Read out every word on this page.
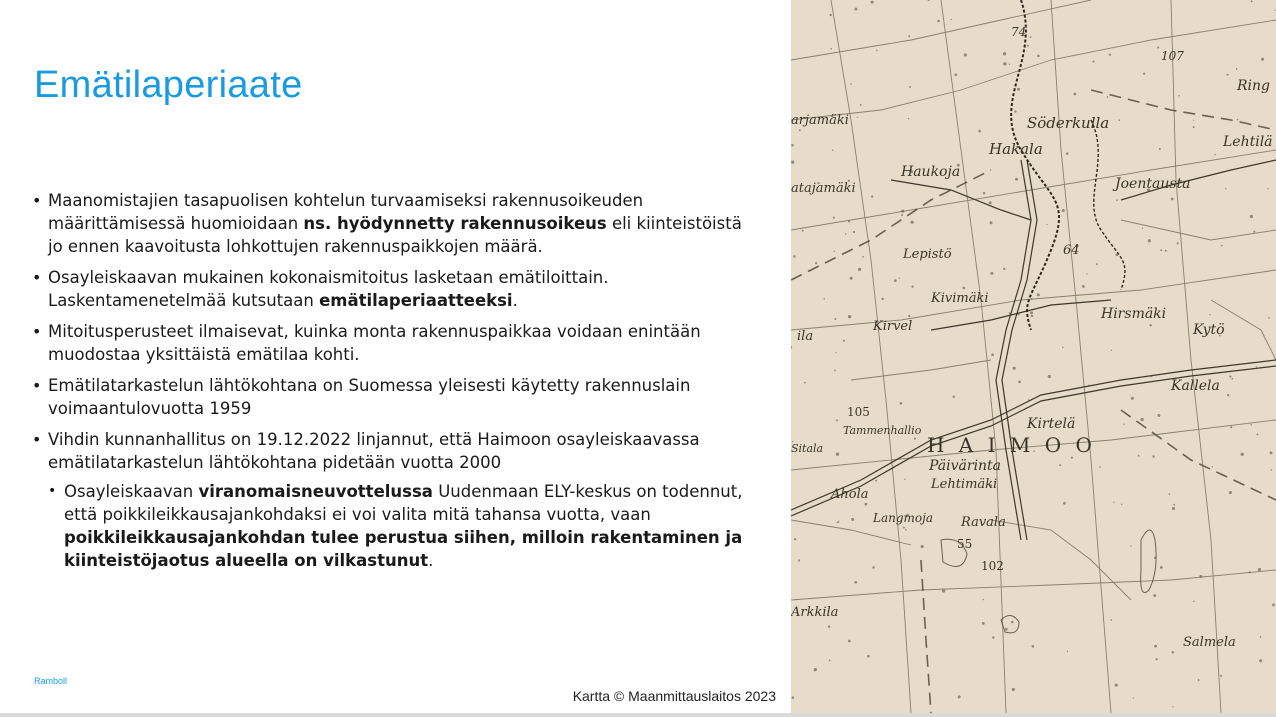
Emätilaperiaate
• Maanomistajien tasapuolisen kohtelun turvaamiseksi rakennusoikeuden määrittämisessä huomioidaan ns. hyödynnetty rakennusoikeus eli kiinteistöistä jo ennen kaavoitusta lohkottujen rakennuspaikkojen määrä.
• Osayleiskaavan mukainen kokonaismitoitus lasketaan emätiloittain. Laskentamenetelmää kutsutaan emätilaperiaatteeksi.
• Mitoitusperusteet ilmaisevat, kuinka monta rakennuspaikkaa voidaan enintään muodostaa yksittäistä emätilaa kohti.
• Emätilatarkastelun lähtökohtana on Suomessa yleisesti käytetty rakennuslain voimaantulovuotta 1959
• Vihdin kunnanhallitus on 19.12.2022 linjannut, että Haimoon osayleiskaavassa emätilatarkastelun lähtökohtana pidetään vuotta 2000
• Osayleiskaavan viranomaisneuvottelussa Uudenmaan ELY-keskus on todennut, että poikkileikkausajankohdaksi ei voi valita mitä tahansa vuotta, vaan poikkileikkausajankohdan tulee perustua siihen, milloin rakentaminen ja kiinteistöjaotus alueella on vilkastunut.
Ramboll
Kartta © Maanmittauslaitos 2023
74
107
Söderkulla
Hakala
Haukoja
Joentausta
Lehtilä
Ring
arjamäki
atajamäki
Lepistö	64
Kivimäki
Hirsmäki
Kytö
Kirvel
Kallela
Kirtelä
Tammenhallio
H A I M O O
Päivärinta
Lehtimäki
Ahola
Langmoja Ravala
102
Arkkila
Salmela
105
55
ila
Sitala
